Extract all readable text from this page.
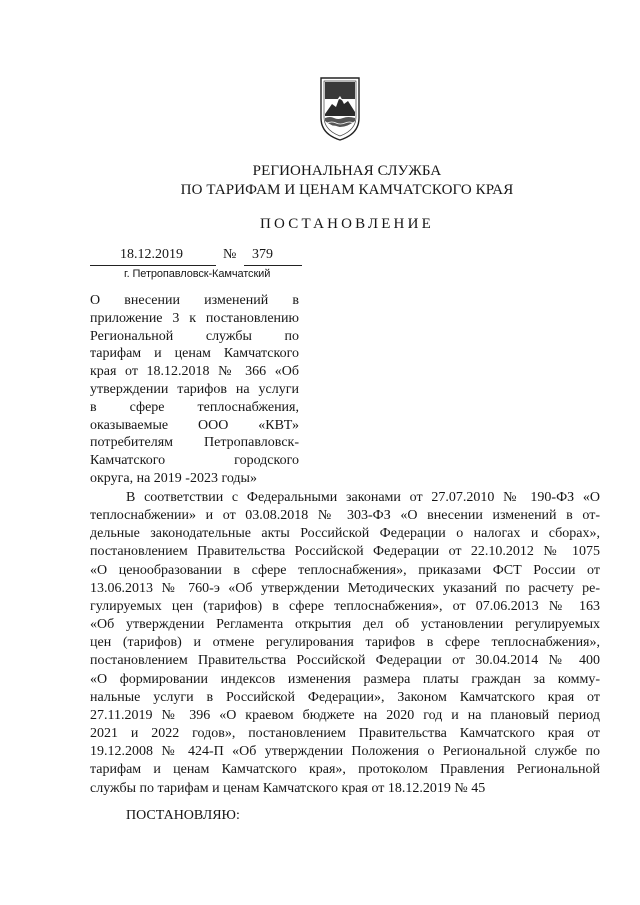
РЕГИОНАЛЬНАЯ СЛУЖБА
ПО ТАРИФАМ И ЦЕНАМ КАМЧАТСКОГО КРАЯ
ПОСТАНОВЛЕНИЕ
18.12.2019	№ 379
г. Петропавловск-Камчатский
О внесении изменений в
приложение 3 к постановлению
Региональной службы по
тарифам и ценам Камчатского
края от 18.12.2018 № 366 «Об
утверждении тарифов на услуги
в сфере теплоснабжения,
оказываемые ООО «КВТ»
потребителям Петропавловск-
Камчатского городского
округа, на 2019 -2023 годы»
В соответствии с Федеральными законами от 27.07.2010 № 190-ФЗ «О
теплоснабжении» и от 03.08.2018 № 303-ФЗ «О внесении изменений в от-
дельные законодательные акты Российской Федерации о налогах и сборах»,
постановлением Правительства Российской Федерации от 22.10.2012 № 1075
«О ценообразовании в сфере теплоснабжения», приказами ФСТ России от
13.06.2013 № 760-э «Об утверждении Методических указаний по расчету ре-
гулируемых цен (тарифов) в сфере теплоснабжения», от 07.06.2013 № 163
«Об утверждении Регламента открытия дел об установлении регулируемых
цен (тарифов) и отмене регулирования тарифов в сфере теплоснабжения»,
постановлением Правительства Российской Федерации от 30.04.2014 № 400
«О формировании индексов изменения размера платы граждан за комму-
нальные услуги в Российской Федерации», Законом Камчатского края от
27.11.2019 № 396 «О краевом бюджете на 2020 год и на плановый период
2021 и 2022 годов», постановлением Правительства Камчатского края от
19.12.2008 № 424-П «Об утверждении Положения о Региональной службе по
тарифам и ценам Камчатского края», протоколом Правления Региональной
службы по тарифам и ценам Камчатского края от 18.12.2019 № 45
ПОСТАНОВЛЯЮ:
